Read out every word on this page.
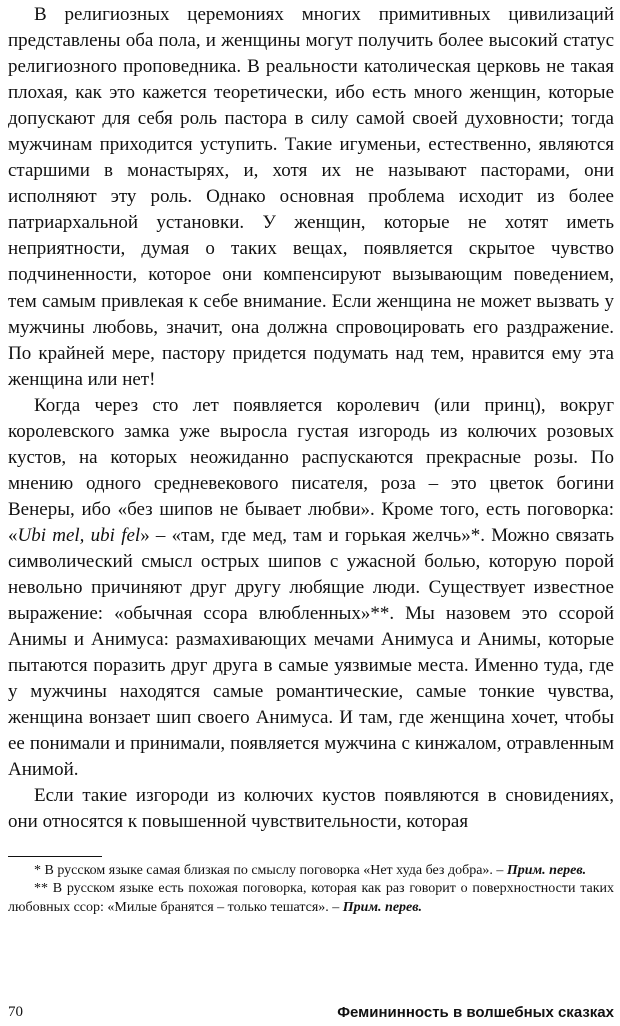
В религиозных церемониях многих примитивных цивилизаций представлены оба пола, и женщины могут получить более высокий статус религиозного проповедника. В реальности католическая церковь не такая плохая, как это кажется теоретически, ибо есть много женщин, которые допускают для себя роль пастора в силу самой своей духовности; тогда мужчинам приходится уступить. Такие игуменьи, естественно, являются старшими в монастырях, и, хотя их не называют пасторами, они исполняют эту роль. Однако основная проблема исходит из более патриархальной установки. У женщин, которые не хотят иметь неприятности, думая о таких вещах, появляется скрытое чувство подчиненности, которое они компенсируют вызывающим поведением, тем самым привлекая к себе внимание. Если женщина не может вызвать у мужчины любовь, значит, она должна спровоцировать его раздражение. По крайней мере, пастору придется подумать над тем, нравится ему эта женщина или нет!

Когда через сто лет появляется королевич (или принц), вокруг королевского замка уже выросла густая изгородь из колючих розовых кустов, на которых неожиданно распускаются прекрасные розы. По мнению одного средневекового писателя, роза – это цветок богини Венеры, ибо «без шипов не бывает любви». Кроме того, есть поговорка: «Ubi mel, ubi fel» – «там, где мед, там и горькая желчь»*. Можно связать символический смысл острых шипов с ужасной болью, которую порой невольно причиняют друг другу любящие люди. Существует известное выражение: «обычная ссора влюбленных»**. Мы назовем это ссорой Анимы и Анимуса: размахивающих мечами Анимуса и Анимы, которые пытаются поразить друг друга в самые уязвимые места. Именно туда, где у мужчины находятся самые романтические, самые тонкие чувства, женщина вонзает шип своего Анимуса. И там, где женщина хочет, чтобы ее понимали и принимали, появляется мужчина с кинжалом, отравленным Анимой.

Если такие изгороди из колючих кустов появляются в сновидениях, они относятся к повышенной чувствительности, которая

* В русском языке самая близкая по смыслу поговорка «Нет худа без добра». – Прим. перев.

** В русском языке есть похожая поговорка, которая как раз говорит о поверхностности таких любовных ссор: «Милые бранятся – только тешатся». – Прим. перев.

70	Фемининность в волшебных сказках
